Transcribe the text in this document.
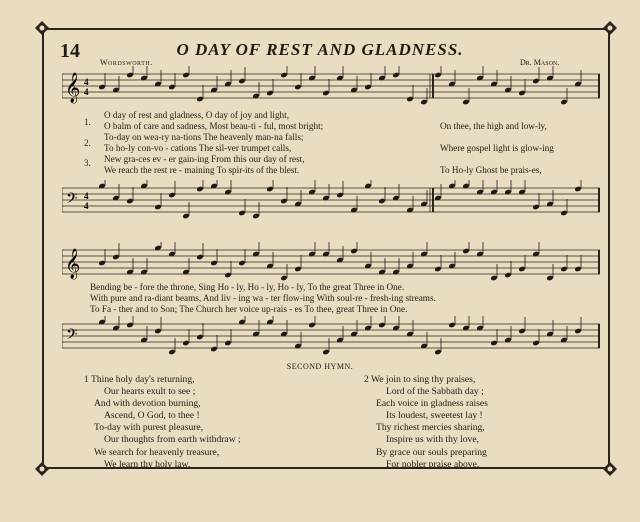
14	O DAY OF REST AND GLADNESS.
Wordsworth.	Dr. Mason.
𝄞 4
4
𝄢 4
4
𝄞
𝄢
1.
2.
3.
O day of rest and gladness, O day of joy and light,
O balm of care and sadness, Most beau-ti - ful, most bright;
To-day on wea-ry na-tions The heavenly man-na falls;
To ho-ly con-vo - cations The sil-ver trumpet calls,
New gra-ces ev - er gain-ing From this our day of rest,
We reach the rest re - maining To spir-its of the blest.
On thee, the high and low-ly,
Where gospel light is glow-ing
To Ho-ly Ghost be prais-es,
Bending be - fore the throne, Sing Ho - ly, Ho - ly, Ho - ly, To the great Three in One.
With pure and ra-diant beams, And liv - ing wa - ter flow-ing With soul-re - fresh-ing streams.
To Fa - ther and to Son; The Church her voice up-rais - es To thee, great Three in One.
SECOND HYMN.
1 Thine holy day's returning,
Our hearts exult to see ;
And with devotion burning,
Ascend, O God, to thee !
To-day with purest pleasure,
Our thoughts from earth withdraw ;
We search for heavenly treasure,
We learn thy holy law.
2 We join to sing thy praises,
Lord of the Sabbath day ;
Each voice in gladness raises
Its loudest, sweetest lay !
Thy richest mercies sharing,
Inspire us with thy love,
By grace our souls preparing
For nobler praise above.
